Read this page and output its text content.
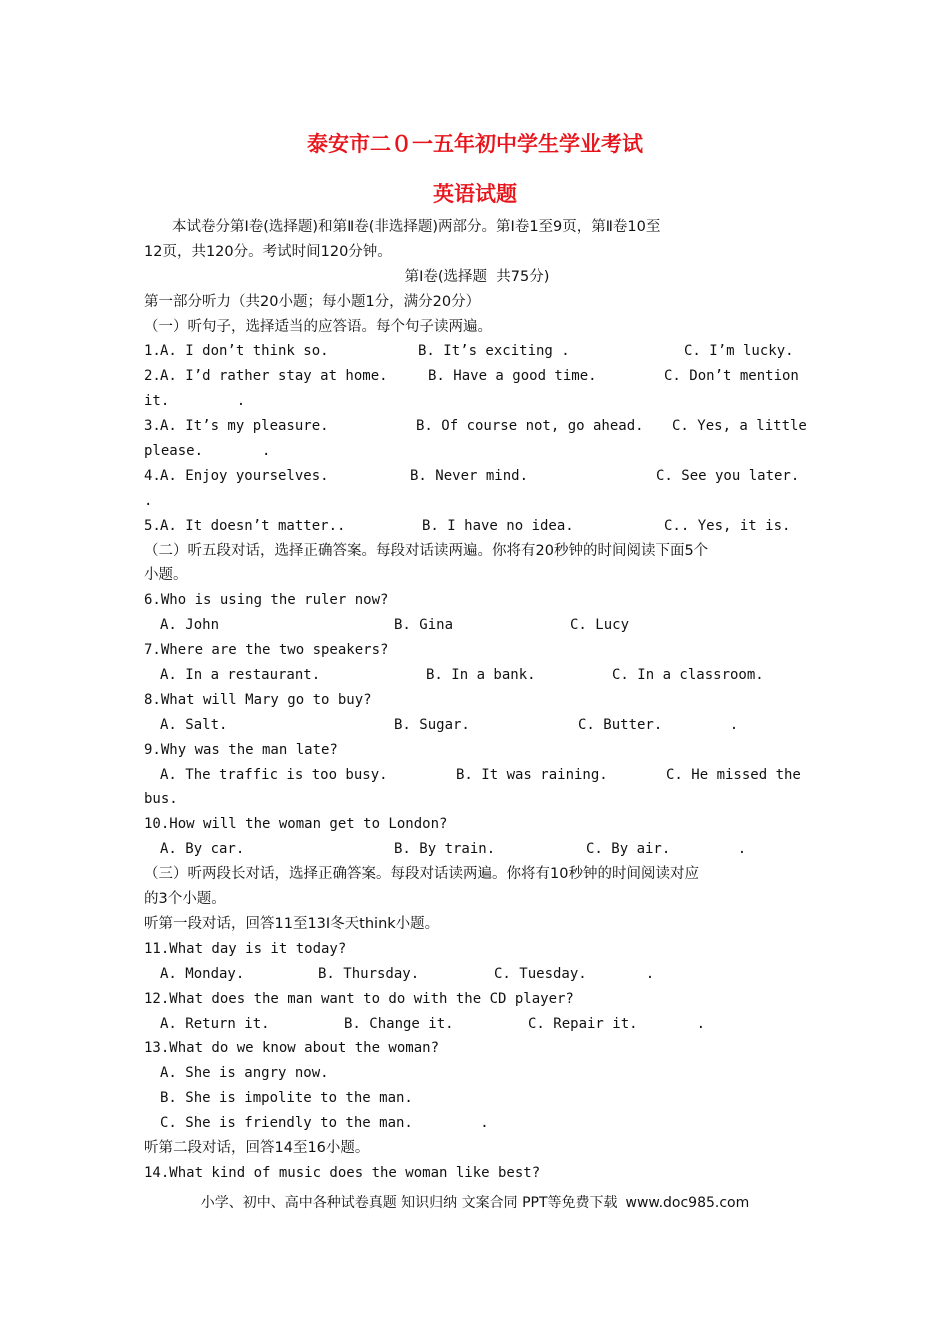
泰安市二０一五年初中学生学业考试
英语试题
本试卷分第Ⅰ卷(选择题)和第Ⅱ卷(非选择题)两部分。第Ⅰ卷1至9页，第Ⅱ卷10至
12页，共120分。考试时间120分钟。
第Ⅰ卷(选择题  共75分)
第一部分听力（共20小题；每小题1分，满分20分）
（一）听句子，选择适当的应答语。每个句子读两遍。
1. A. I don’t think so.	B. It’s exciting .	C. I’m lucky.
2. A. I’d rather stay at home.	B. Have a good time.	C. Don’t mention
it.        .
3. A. It’s my pleasure.	B. Of course not, go ahead.	C. Yes, a little
please.       .
4. A. Enjoy yourselves.	B. Never mind.	C. See you later.
.
5. A. It doesn’t matter..	B. I have no idea.	C.. Yes, it is.
（二）听五段对话，选择正确答案。每段对话读两遍。你将有20秒钟的时间阅读下面5个
小题。
6.Who is using the ruler now?
A. John	B. Gina	C. Lucy
7.Where are the two speakers?
A. In a restaurant.	B. In a bank.	C. In a classroom.
8.What will Mary go to buy?
A. Salt.	B. Sugar.	C. Butter.        .
9.Why was the man late?
A. The traffic is too busy.	B. It was raining.	C. He missed the
bus.
10.How will the woman get to London?
A. By car.	B. By train.	C. By air.        .
（三）听两段长对话，选择正确答案。每段对话读两遍。你将有10秒钟的时间阅读对应
的3个小题。
听第一段对话，回答11至13I冬天think小题。
11.What day is it today?
A. Monday.	B. Thursday.	C. Tuesday.       .
12.What does the man want to do with the CD player?
A. Return it.	B. Change it.	C. Repair it.       .
13.What do we know about the woman?
A. She is angry now.
B. She is impolite to the man.
C. She is friendly to the man.        .
听第二段对话，回答14至16小题。
14.What kind of music does the woman like best?
小学、初中、高中各种试卷真题 知识归纳 文案合同 PPT等免费下载 www.doc985.com
